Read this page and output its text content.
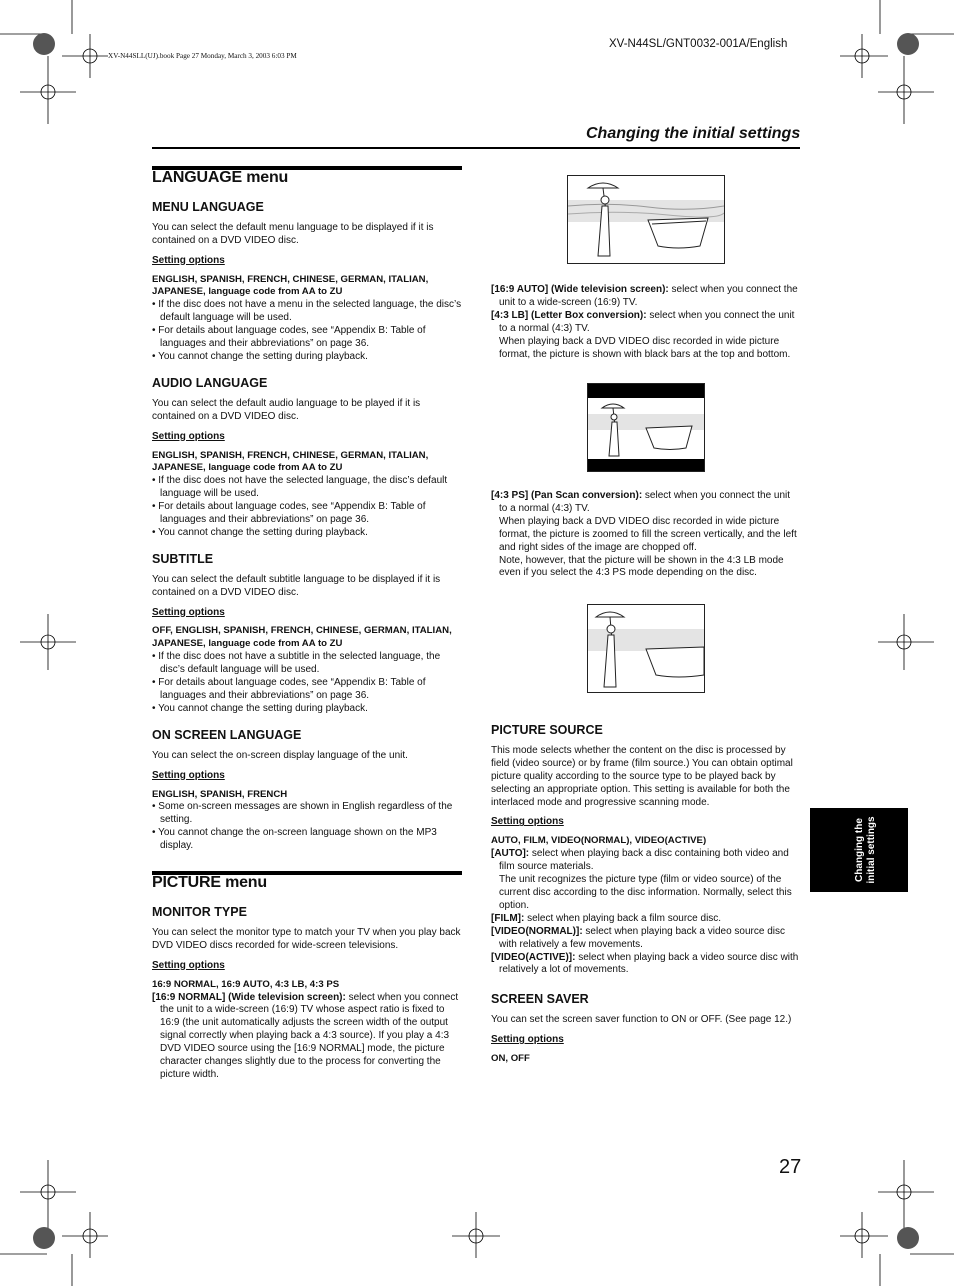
XV-N44SL/GNT0032-001A/English
XV-N44SLL(UJ).book Page 27 Monday, March 3, 2003 6:03 PM
Changing the initial settings
LANGUAGE menu
MENU LANGUAGE

You can select the default menu language to be displayed if it is contained on a DVD VIDEO disc.

Setting options

ENGLISH, SPANISH, FRENCH, CHINESE, GERMAN, ITALIAN, JAPANESE, language code from AA to ZU

• If the disc does not have a menu in the selected language, the disc’s default language will be used.
• For details about language codes, see “Appendix B: Table of languages and their abbreviations” on page 36.
• You cannot change the setting during playback.
AUDIO LANGUAGE

You can select the default audio language to be played if it is contained on a DVD VIDEO disc.

Setting options

ENGLISH, SPANISH, FRENCH, CHINESE, GERMAN, ITALIAN, JAPANESE, language code from AA to ZU

• If the disc does not have the selected language, the disc’s default language will be used.
• For details about language codes, see “Appendix B: Table of languages and their abbreviations” on page 36.
• You cannot change the setting during playback.
SUBTITLE

You can select the default subtitle language to be displayed if it is contained on a DVD VIDEO disc.

Setting options

OFF, ENGLISH, SPANISH, FRENCH, CHINESE, GERMAN, ITALIAN, JAPANESE, language code from AA to ZU

• If the disc does not have a subtitle in the selected language, the disc’s default language will be used.
• For details about language codes, see “Appendix B: Table of languages and their abbreviations” on page 36.
• You cannot change the setting during playback.
ON SCREEN LANGUAGE

You can select the on-screen display language of the unit.

Setting options

ENGLISH, SPANISH, FRENCH

• Some on-screen messages are shown in English regardless of the setting.
• You cannot change the on-screen language shown on the MP3 display.
PICTURE menu
MONITOR TYPE

You can select the monitor type to match your TV when you play back DVD VIDEO discs recorded for wide-screen televisions.

Setting options

16:9 NORMAL, 16:9 AUTO, 4:3 LB, 4:3 PS

[16:9 NORMAL] (Wide television screen): select when you connect the unit to a wide-screen (16:9) TV whose aspect ratio is fixed to 16:9 (the unit automatically adjusts the screen width of the output signal correctly when playing back a 4:3 source). If you play a 4:3 DVD VIDEO source using the [16:9 NORMAL] mode, the picture character changes slightly due to the process for converting the picture width.

[16:9 AUTO] (Wide television screen): select when you connect the unit to a wide-screen (16:9) TV.

[4:3 LB] (Letter Box conversion): select when you connect the unit to a normal (4:3) TV.

When playing back a DVD VIDEO disc recorded in wide picture format, the picture is shown with black bars at the top and bottom.

[4:3 PS] (Pan Scan conversion): select when you connect the unit to a normal (4:3) TV.

When playing back a DVD VIDEO disc recorded in wide picture format, the picture is zoomed to fill the screen vertically, and the left and right sides of the image are chopped off.

Note, however, that the picture will be shown in the 4:3 LB mode even if you select the 4:3 PS mode depending on the disc.

PICTURE SOURCE

This mode selects whether the content on the disc is processed by field (video source) or by frame (film source.) You can obtain optimal picture quality according to the source type to be played back by selecting an appropriate option. This setting is available for both the interlaced mode and progressive scanning mode.

Setting options

AUTO, FILM, VIDEO(NORMAL), VIDEO(ACTIVE)

[AUTO]: select when playing back a disc containing both video and film source materials.

The unit recognizes the picture type (film or video source) of the current disc according to the disc information. Normally, select this option.

[FILM]: select when playing back a film source disc.

[VIDEO(NORMAL)]: select when playing back a video source disc with relatively a few movements.

[VIDEO(ACTIVE)]: select when playing back a video source disc with relatively a lot of movements.

SCREEN SAVER

You can set the screen saver function to ON or OFF. (See page 12.)

Setting options

ON, OFF

Changing the initial settings
27
